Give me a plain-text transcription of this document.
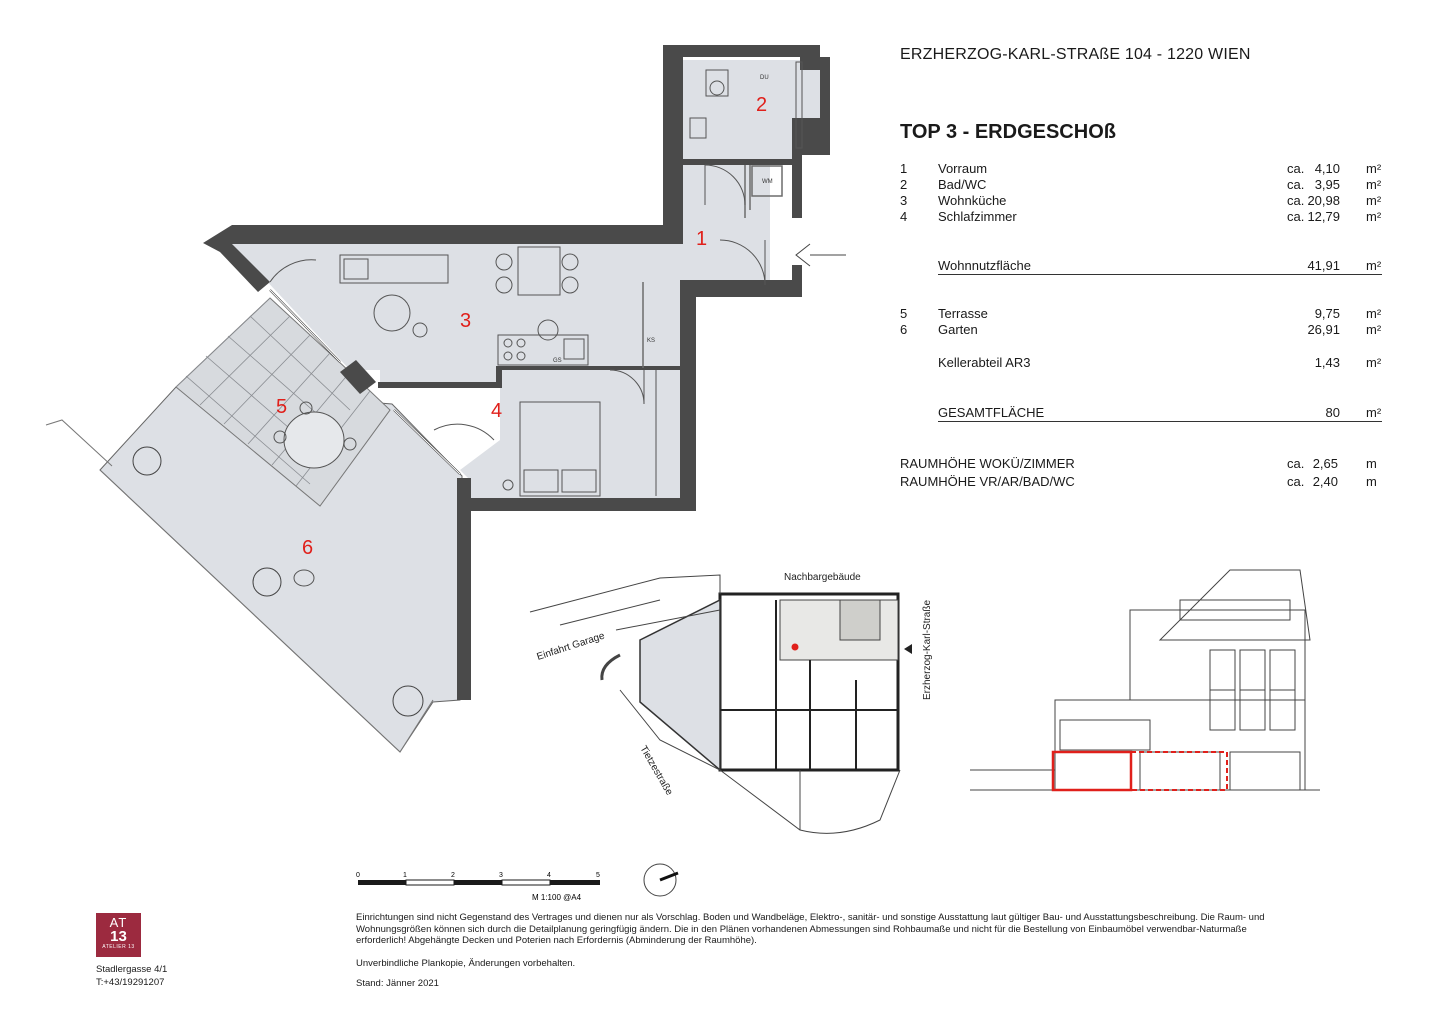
DU
WM
KS
GS
1
2
3
4
5
6
Nachbargebäude
Einfahrt Garage	Erzherzog-Karl-Straße
Tietzestraße
0	1	2	3	4	5
M 1:100 @A4
ERZHERZOG-KARL-STRAßE 104 - 1220 WIEN
TOP 3 - ERDGESCHOß
1 Vorraum	ca. 4,10 m²
2 Bad/WC	ca. 3,95 m²
3 Wohnküche	ca. 20,98 m²
4 Schlafzimmer	ca. 12,79 m²
Wohnnutzfläche	41,91 m²
5 Terrasse	9,75 m²
6 Garten	26,91 m²
Kellerabteil AR3	1,43 m²
GESAMTFLÄCHE	80 m²
RAUMHÖHE WOKÜ/ZIMMER	ca. 2,65 m
RAUMHÖHE VR/AR/BAD/WC	ca. 2,40 m
AT
13
ATELIER 13
Stadlergasse 4/1
T:+43/19291207

Einrichtungen sind nicht Gegenstand des Vertrages und dienen nur als Vorschlag. Boden und Wandbeläge, Elektro-, sanitär- und sonstige Ausstattung laut gültiger Bau- und Ausstattungsbeschreibung. Die Raum- und

Wohnungsgrößen können sich durch die Detailplanung geringfügig ändern. Die in den Plänen vorhandenen Abmessungen sind Rohbaumaße und nicht für die Bestellung von Einbaumöbel verwendbar-Naturmaße

erforderlich! Abgehängte Decken und Poterien nach Erfordernis (Abminderung der Raumhöhe).

Unverbindliche Plankopie, Änderungen vorbehalten.
Stand: Jänner 2021
